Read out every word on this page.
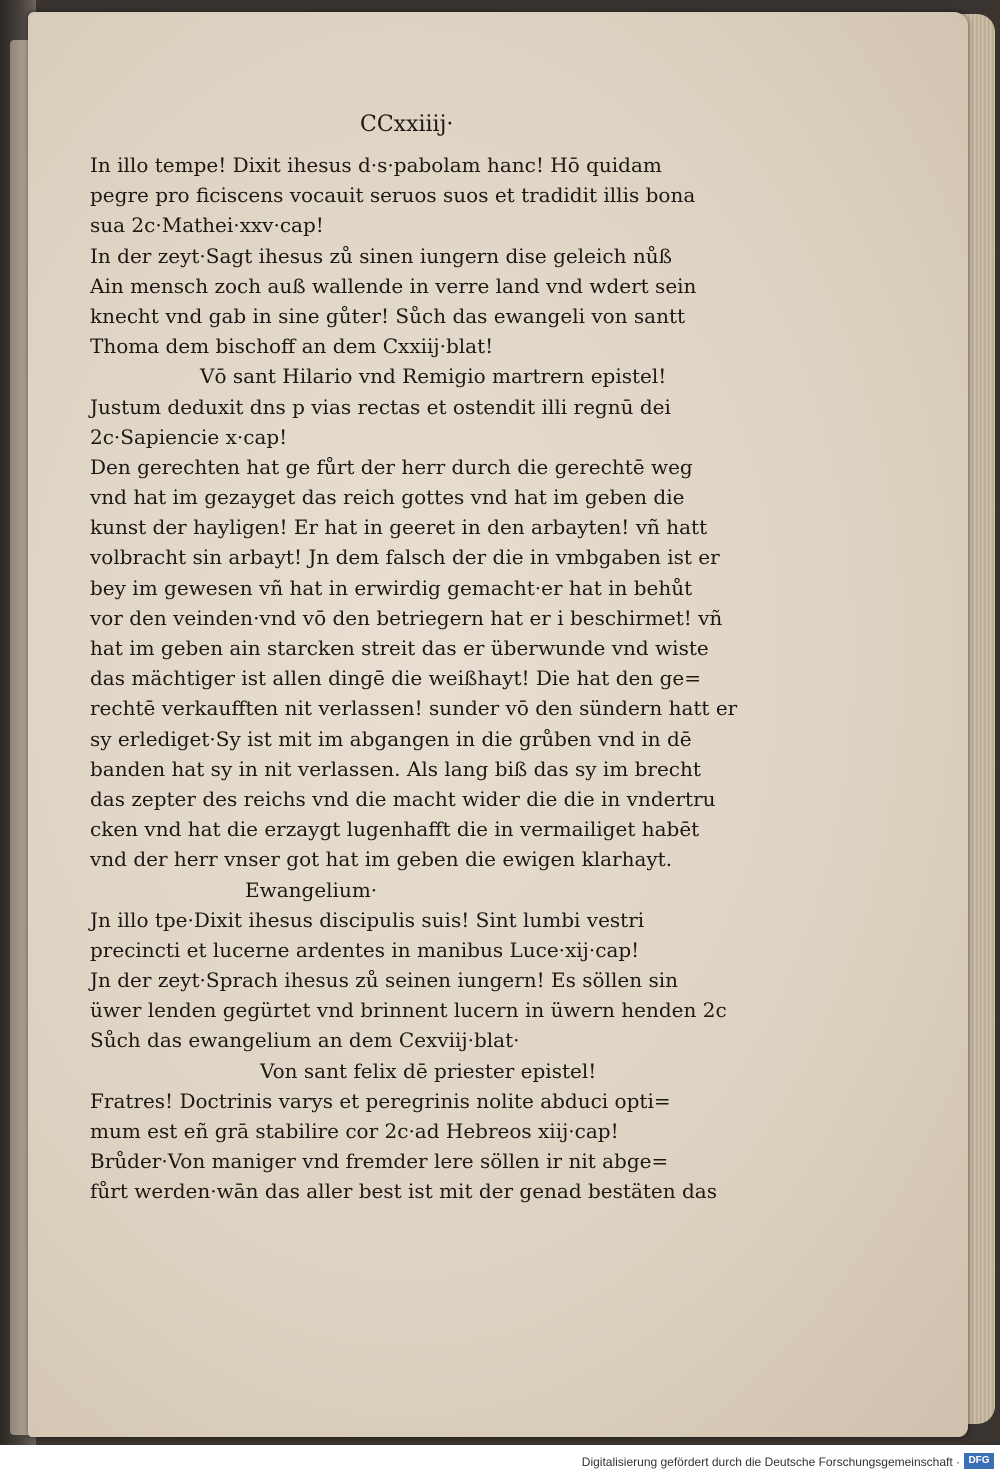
CCxxiiij·
In illo tempe! Dixit ihesus d·s·pabolam hanc! Hō quidam
pegre pro ficiscens vocauit seruos suos et tradidit illis bona
sua 2c·Mathei·xxv·cap!
In der zeyt·Sagt ihesus zů sinen iungern dise geleich nůß
Ain mensch zoch auß wallende in verre land vnd wdert sein
knecht vnd gab in sine gůter! Sůch das ewangeli von santt
Thoma dem bischoff an dem Cxxiij·blat!
Vō sant Hilario vnd Remigio martrern epistel!
Justum deduxit dns p vias rectas et ostendit illi regnū dei
2c·Sapiencie x·cap!
Den gerechten hat ge fůrt der herr durch die gerechtē weg
vnd hat im gezayget das reich gottes vnd hat im geben die
kunst der hayligen! Er hat in geeret in den arbayten! vñ hatt
volbracht sin arbayt! Jn dem falsch der die in vmbgaben ist er
bey im gewesen vñ hat in erwirdig gemacht·er hat in behůt
vor den veinden·vnd vō den betriegern hat er i beschirmet! vñ
hat im geben ain starcken streit das er überwunde vnd wiste
das mächtiger ist allen dingē die weißhayt! Die hat den ge=
rechtē verkaufften nit verlassen! sunder vō den sündern hatt er
sy erlediget·Sy ist mit im abgangen in die grůben vnd in dē
banden hat sy in nit verlassen. Als lang biß das sy im brecht
das zepter des reichs vnd die macht wider die die in vndertru
cken vnd hat die erzaygt lugenhafft die in vermailiget habēt
vnd der herr vnser got hat im geben die ewigen klarhayt.
Ewangelium·
Jn illo tpe·Dixit ihesus discipulis suis! Sint lumbi vestri
precincti et lucerne ardentes in manibus Luce·xij·cap!
Jn der zeyt·Sprach ihesus zů seinen iungern! Es söllen sin
üwer lenden gegürtet vnd brinnent lucern in üwern henden 2c
Sůch das ewangelium an dem Cexviij·blat·
Von sant felix dē priester epistel!
Fratres! Doctrinis varys et peregrinis nolite abduci opti=
mum est eñ grā stabilire cor 2c·ad Hebreos xiij·cap!
Brůder·Von maniger vnd fremder lere söllen ir nit abge=
fůrt werden·wān das aller best ist mit der genad bestäten das
Digitalisierung gefördert durch die Deutsche Forschungsgemeinschaft · DFG
